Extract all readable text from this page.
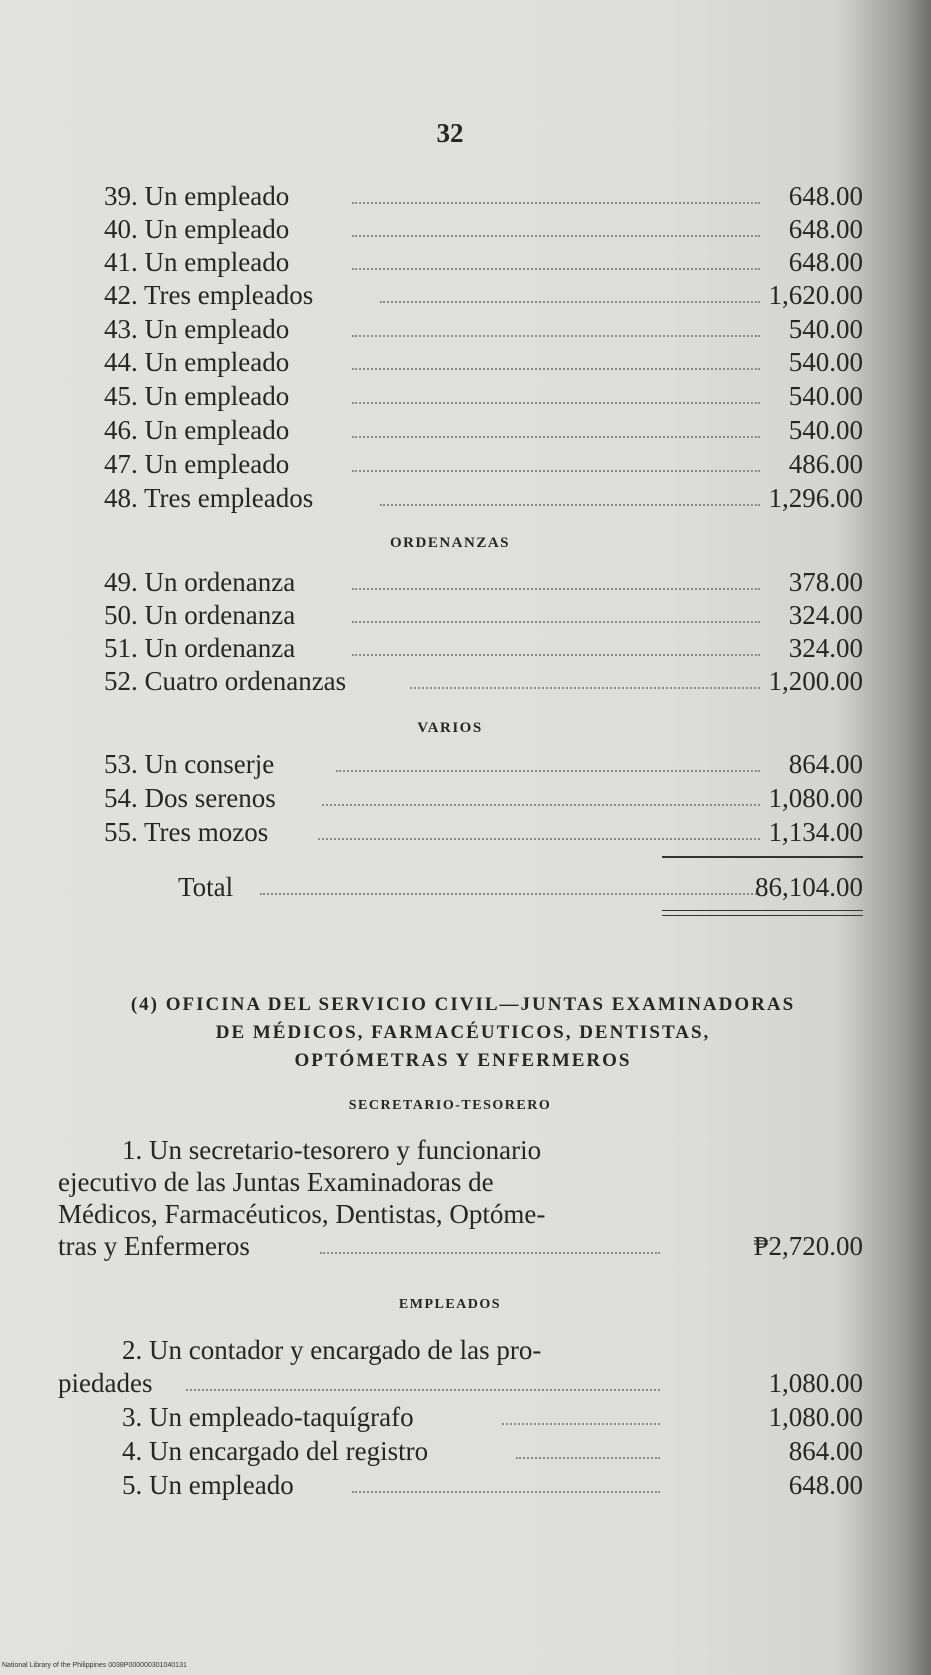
32
39. Un empleado	648.00
40. Un empleado	648.00
41. Un empleado	648.00
42. Tres empleados	1,620.00
43. Un empleado	540.00
44. Un empleado	540.00
45. Un empleado	540.00
46. Un empleado	540.00
47. Un empleado	486.00
48. Tres empleados	1,296.00
ORDENANZAS
49. Un ordenanza	378.00
50. Un ordenanza	324.00
51. Un ordenanza	324.00
52. Cuatro ordenanzas	1,200.00
VARIOS
53. Un conserje	864.00
54. Dos serenos	1,080.00
55. Tres mozos	1,134.00
Total	86,104.00
(4) OFICINA DEL SERVICIO CIVIL—JUNTAS EXAMINADORAS
DE MÉDICOS, FARMACÉUTICOS, DENTISTAS,
OPTÓMETRAS Y ENFERMEROS
SECRETARIO-TESORERO
1. Un secretario-tesorero y funcionario
ejecutivo de las Juntas Examinadoras de
Médicos, Farmacéuticos, Dentistas, Optóme-
tras y Enfermeros	₱2,720.00
EMPLEADOS
2. Un contador y encargado de las pro-
piedades	1,080.00
3. Un empleado-taquígrafo	1,080.00
4. Un encargado del registro	864.00
5. Un empleado	648.00
National Library of the Philippines 0038P000000301040131
